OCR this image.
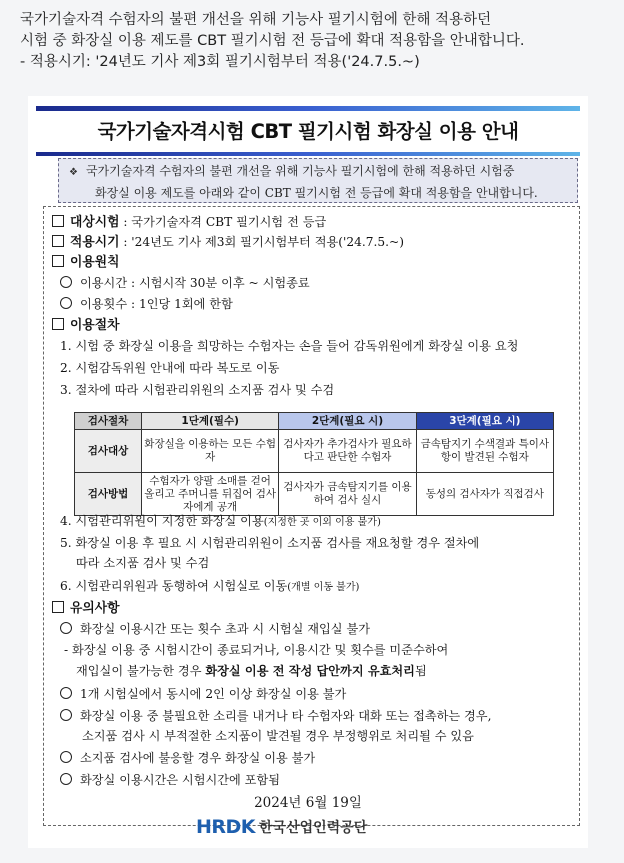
국가기술자격 수험자의 불편 개선을 위해 기능사 필기시험에 한해 적용하던
시험 중 화장실 이용 제도를 CBT 필기시험 전 등급에 확대 적용함을 안내합니다.
- 적용시기: '24년도 기사 제3회 필기시험부터 적용('24.7.5.~)
국가기술자격시험 CBT 필기시험 화장실 이용 안내
❖ 국가기술자격 수험자의 불편 개선을 위해 기능사 필기시험에 한해 적용하던 시험중
화장실 이용 제도를 아래와 같이 CBT 필기시험 전 등급에 확대 적용함을 안내합니다.
대상시험 : 국가기술자격 CBT 필기시험 전 등급
적용시기 : '24년도 기사 제3회 필기시험부터 적용('24.7.5.~)
이용원칙
이용시간 : 시험시작 30분 이후 ~ 시험종료
이용횟수 : 1인당 1회에 한함
이용절차
1. 시험 중 화장실 이용을 희망하는 수험자는 손을 들어 감독위원에게 화장실 이용 요청
2. 시험감독위원 안내에 따라 복도로 이동
3. 절차에 따라 시험관리위원의 소지품 검사 및 수검
검사절차	1단계(필수)	2단계(필요 시)	3단계(필요 시)
검사대상	화장실을 이용하는 모든 수험자	검사자가 추가검사가 필요하다고 판단한 수험자	금속탐지기 수색결과 특이사항이 발견된 수험자
검사방법	수험자가 양팔 소매를 걷어 올리고 주머니를 뒤집어 검사자에게 공개	검사자가 금속탐지기를 이용하여 검사 실시	동성의 검사자가 직접검사
4. 시험관리위원이 지정한 화장실 이용(지정한 곳 이외 이용 불가)
5. 화장실 이용 후 필요 시 시험관리위원이 소지품 검사를 재요청할 경우 절차에
따라 소지품 검사 및 수검
6. 시험관리위원과 동행하여 시험실로 이동(개별 이동 불가)
유의사항
화장실 이용시간 또는 횟수 초과 시 시험실 재입실 불가
- 화장실 이용 중 시험시간이 종료되거나, 이용시간 및 횟수를 미준수하여
재입실이 불가능한 경우 화장실 이용 전 작성 답안까지 유효처리됨
1개 시험실에서 동시에 2인 이상 화장실 이용 불가
화장실 이용 중 불필요한 소리를 내거나 타 수험자와 대화 또는 접촉하는 경우,
소지품 검사 시 부적절한 소지품이 발견될 경우 부정행위로 처리될 수 있음
소지품 검사에 불응할 경우 화장실 이용 불가
화장실 이용시간은 시험시간에 포함됨
2024년 6월 19일
HRDK 한국산업인력공단
